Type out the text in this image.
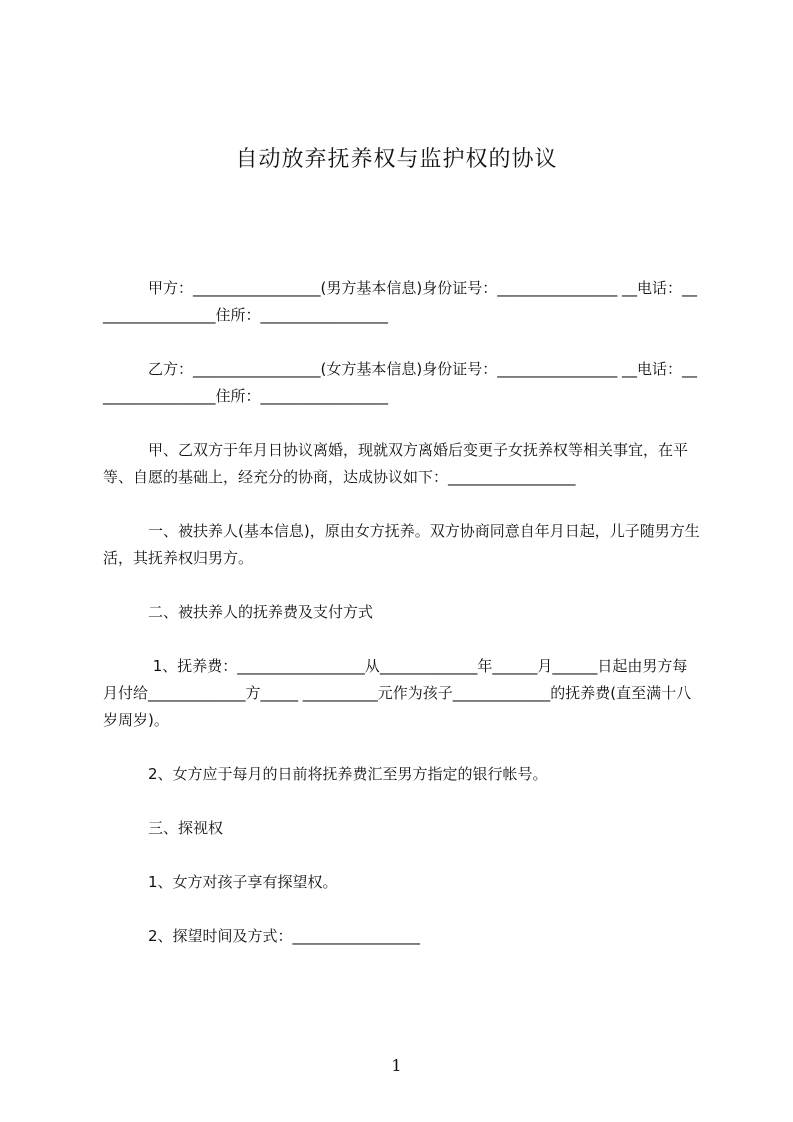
自动放弃抚养权与监护权的协议

　　　甲方：_________________(男方基本信息)身份证号：________________ __电话：_________________住所：_________________

　　　乙方：_________________(女方基本信息)身份证号：________________ __电话：_________________住所：_________________

　　　甲、乙双方于年月日协议离婚，现就双方离婚后变更子女抚养权等相关事宜，在平等、自愿的基础上，经充分的协商，达成协议如下：_________________

　　　一、被扶养人(基本信息)，原由女方抚养。双方协商同意自年月日起，儿子随男方生活，其抚养权归男方。

　　　二、被扶养人的抚养费及支付方式

　　　 1、抚养费：_________________从_____________年______月______日起由男方每 月付给_____________方_____ __________元作为孩子_____________的抚养费(直至满十八岁周岁)。

　　　2、女方应于每月的日前将抚养费汇至男方指定的银行帐号。

　　　三、探视权

　　　1、女方对孩子享有探望权。

　　　2、探望时间及方式：_________________

1
